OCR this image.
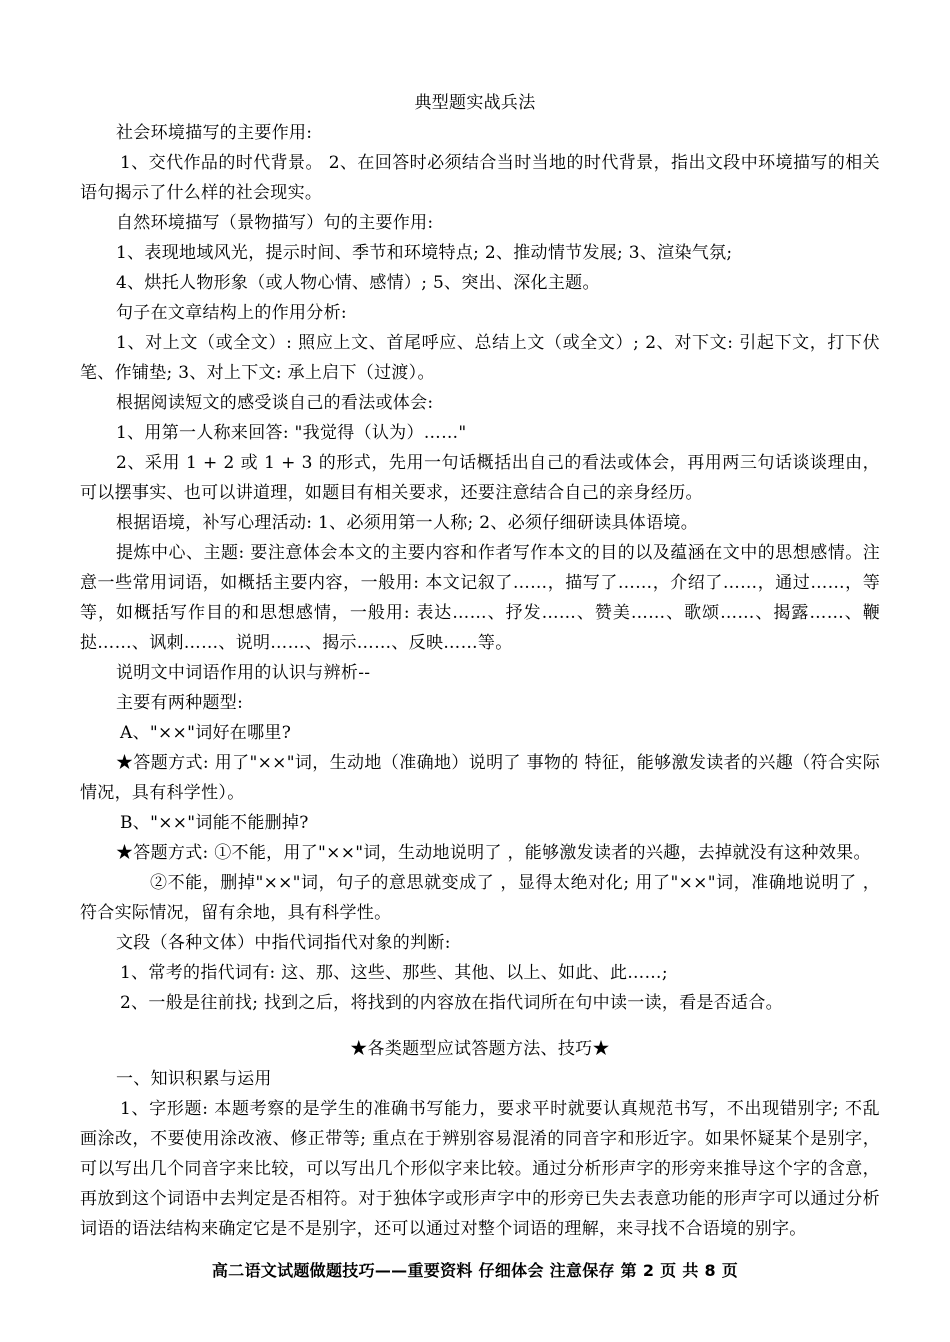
典型题实战兵法

社会环境描写的主要作用:

1、交代作品的时代背景。 2、在回答时必须结合当时当地的时代背景，指出文段中环境描写的相关语句揭示了什么样的社会现实。

自然环境描写（景物描写）句的主要作用:

1、表现地域风光，提示时间、季节和环境特点; 2、推动情节发展; 3、渲染气氛;

4、烘托人物形象（或人物心情、感情）; 5、突出、深化主题。

句子在文章结构上的作用分析:

1、对上文（或全文）: 照应上文、首尾呼应、总结上文（或全文）; 2、对下文: 引起下文，打下伏笔、作铺垫; 3、对上下文: 承上启下（过渡）。

根据阅读短文的感受谈自己的看法或体会:

1、用第一人称来回答: "我觉得（认为）……"

2、采用 1 + 2 或 1 + 3 的形式，先用一句话概括出自己的看法或体会，再用两三句话谈谈理由，可以摆事实、也可以讲道理，如题目有相关要求，还要注意结合自己的亲身经历。

根据语境，补写心理活动: 1、必须用第一人称; 2、必须仔细研读具体语境。

提炼中心、主题: 要注意体会本文的主要内容和作者写作本文的目的以及蕴涵在文中的思想感情。注意一些常用词语，如概括主要内容，一般用: 本文记叙了……，描写了……，介绍了……，通过……，等等，如概括写作目的和思想感情，一般用: 表达……、抒发……、赞美……、歌颂……、揭露……、鞭挞……、讽刺……、说明……、揭示……、反映……等。

说明文中词语作用的认识与辨析--

主要有两种题型:

A、"××"词好在哪里?

★答题方式: 用了"××"词，生动地（准确地）说明了 事物的 特征，能够激发读者的兴趣（符合实际情况，具有科学性）。

B、"××"词能不能删掉?

★答题方式: ①不能，用了"××"词，生动地说明了 ，能够激发读者的兴趣，去掉就没有这种效果。

②不能，删掉"××"词，句子的意思就变成了 ，显得太绝对化; 用了"××"词，准确地说明了 ，符合实际情况，留有余地，具有科学性。

文段（各种文体）中指代词指代对象的判断:

1、常考的指代词有: 这、那、这些、那些、其他、以上、如此、此……;

2、一般是往前找; 找到之后，将找到的内容放在指代词所在句中读一读，看是否适合。

★各类题型应试答题方法、技巧★

一、知识积累与运用

1、字形题: 本题考察的是学生的准确书写能力，要求平时就要认真规范书写，不出现错别字; 不乱画涂改，不要使用涂改液、修正带等; 重点在于辨别容易混淆的同音字和形近字。如果怀疑某个是别字，可以写出几个同音字来比较，可以写出几个形似字来比较。通过分析形声字的形旁来推导这个字的含意，再放到这个词语中去判定是否相符。对于独体字或形声字中的形旁已失去表意功能的形声字可以通过分析词语的语法结构来确定它是不是别字，还可以通过对整个词语的理解，来寻找不合语境的别字。

高二语文试题做题技巧——重要资料 仔细体会 注意保存 第 2 页 共 8 页
